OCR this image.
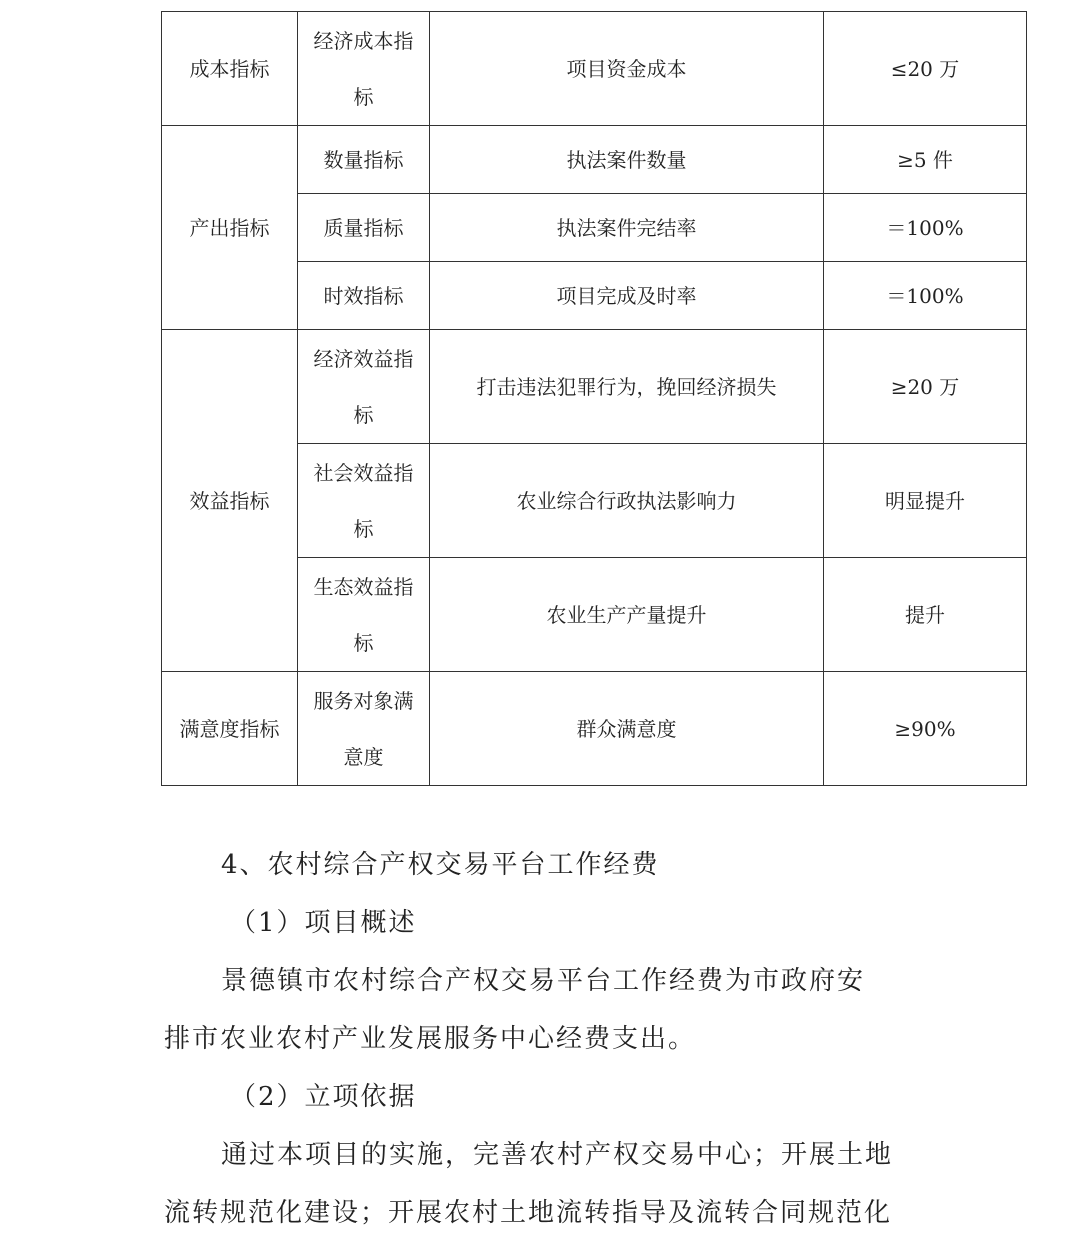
成本指标	经济成本指标	项目资金成本	≤20 万
产出指标	数量指标	执法案件数量	≥5 件
	质量指标	执法案件完结率	＝100%
	时效指标	项目完成及时率	＝100%
效益指标	经济效益指标	打击违法犯罪行为，挽回经济损失	≥20 万
	社会效益指标	农业综合行政执法影响力	明显提升
	生态效益指标	农业生产产量提升	提升
满意度指标	服务对象满意度	群众满意度	≥90%
4、农村综合产权交易平台工作经费
（1）项目概述
景德镇市农村综合产权交易平台工作经费为市政府安
排市农业农村产业发展服务中心经费支出。
（2）立项依据
通过本项目的实施，完善农村产权交易中心；开展土地
流转规范化建设；开展农村土地流转指导及流转合同规范化
